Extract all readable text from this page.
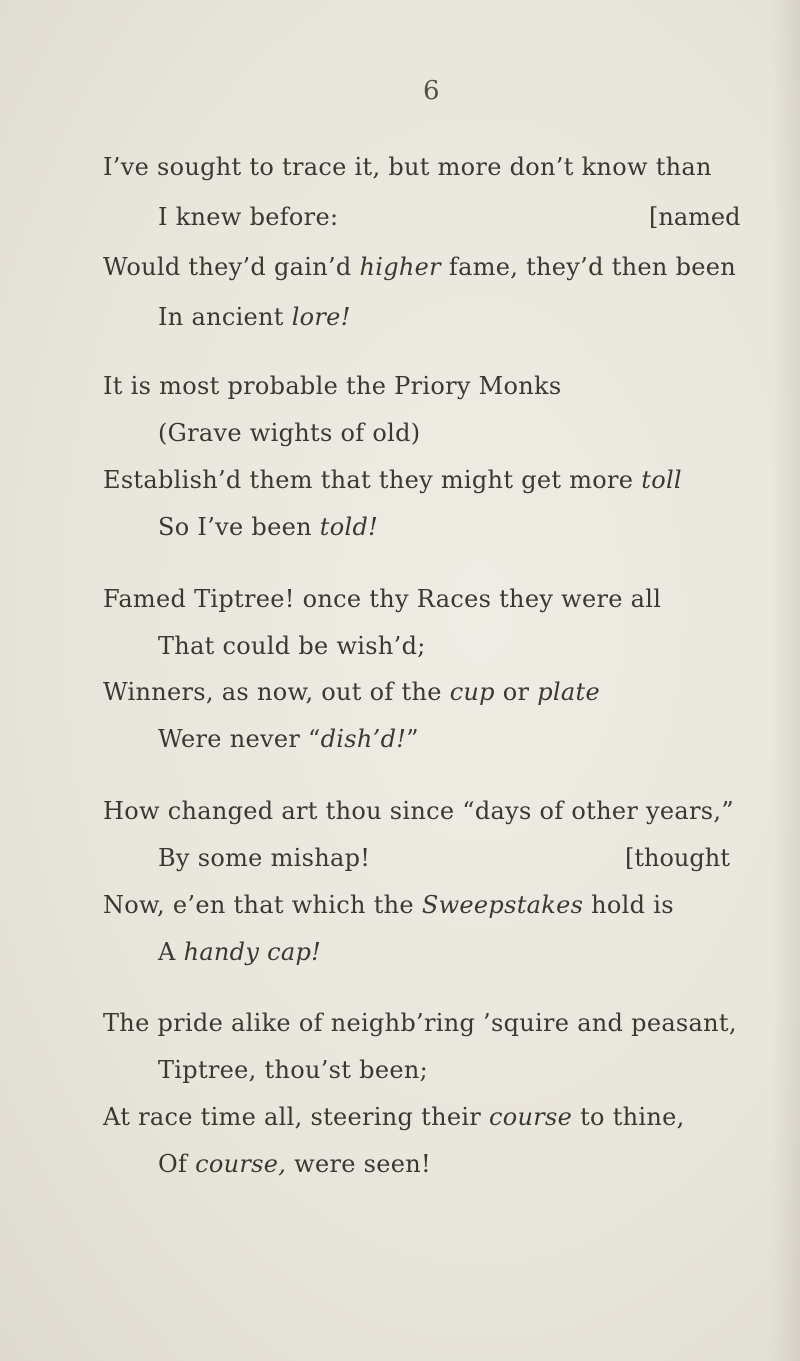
6
I’ve sought to trace it, but more don’t know than
I knew before:	[named
Would they’d gain’d higher fame, they’d then been
In ancient lore!
It is most probable the Priory Monks
(Grave wights of old)
Establish’d them that they might get more toll
So I’ve been told!
Famed Tiptree! once thy Races they were all
That could be wish’d;
Winners, as now, out of the cup or plate
Were never “dish’d!”
How changed art thou since “days of other years,”
By some mishap!	[thought
Now, e’en that which the Sweepstakes hold is
A handy cap!
The pride alike of neighb’ring ’squire and peasant,
Tiptree, thou’st been;
At race time all, steering their course to thine,
Of course, were seen!
